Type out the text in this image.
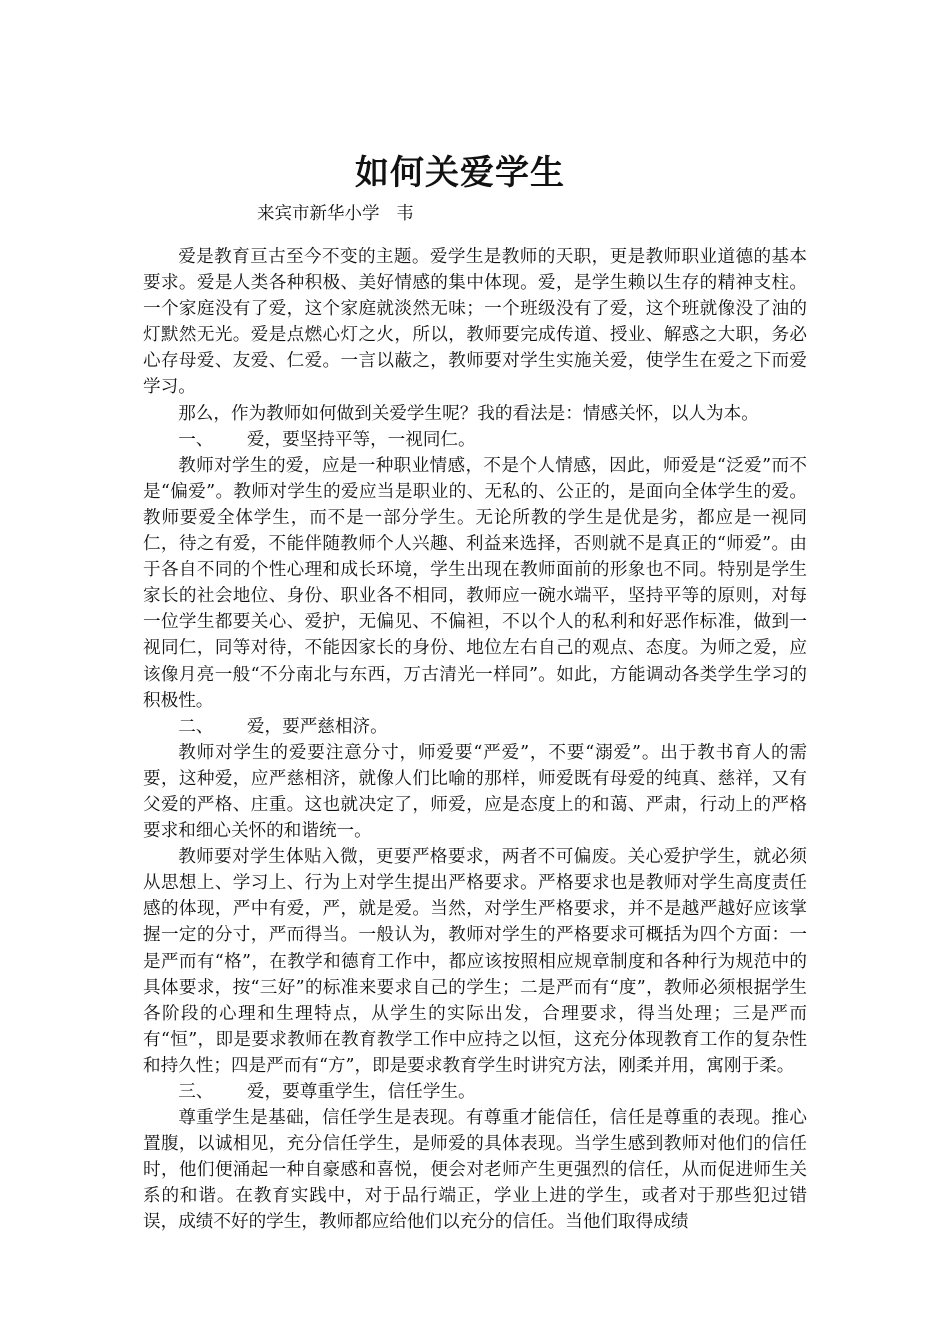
如何关爱学生
来宾市新华小学   韦

爱是教育亘古至今不变的主题。爱学生是教师的天职，更是教师职业道德的基本要求。爱是人类各种积极、美好情感的集中体现。爱，是学生赖以生存的精神支柱。一个家庭没有了爱，这个家庭就淡然无味；一个班级没有了爱，这个班就像没了油的灯默然无光。爱是点燃心灯之火，所以，教师要完成传道、授业、解惑之大职，务必心存母爱、友爱、仁爱。一言以蔽之，教师要对学生实施关爱，使学生在爱之下而爱学习。

那么，作为教师如何做到关爱学生呢？我的看法是：情感关怀，以人为本。

一、      爱，要坚持平等，一视同仁。

教师对学生的爱，应是一种职业情感，不是个人情感，因此，师爱是“泛爱”而不是“偏爱”。教师对学生的爱应当是职业的、无私的、公正的，是面向全体学生的爱。教师要爱全体学生，而不是一部分学生。无论所教的学生是优是劣，都应是一视同仁，待之有爱，不能伴随教师个人兴趣、利益来选择，否则就不是真正的“师爱”。由于各自不同的个性心理和成长环境，学生出现在教师面前的形象也不同。特别是学生家长的社会地位、身份、职业各不相同，教师应一碗水端平，坚持平等的原则，对每一位学生都要关心、爱护，无偏见、不偏袒，不以个人的私利和好恶作标准，做到一视同仁，同等对待，不能因家长的身份、地位左右自己的观点、态度。为师之爱，应该像月亮一般“不分南北与东西，万古清光一样同”。如此，方能调动各类学生学习的积极性。

二、      爱，要严慈相济。

教师对学生的爱要注意分寸，师爱要“严爱”，不要“溺爱”。出于教书育人的需要，这种爱，应严慈相济，就像人们比喻的那样，师爱既有母爱的纯真、慈祥，又有父爱的严格、庄重。这也就决定了，师爱，应是态度上的和蔼、严肃，行动上的严格要求和细心关怀的和谐统一。

教师要对学生体贴入微，更要严格要求，两者不可偏废。关心爱护学生，就必须从思想上、学习上、行为上对学生提出严格要求。严格要求也是教师对学生高度责任感的体现，严中有爱，严，就是爱。当然，对学生严格要求，并不是越严越好应该掌握一定的分寸，严而得当。一般认为，教师对学生的严格要求可概括为四个方面：一是严而有“格”，在教学和德育工作中，都应该按照相应规章制度和各种行为规范中的具体要求，按“三好”的标准来要求自己的学生；二是严而有“度”，教师必须根据学生各阶段的心理和生理特点，从学生的实际出发，合理要求，得当处理；三是严而有“恒”，即是要求教师在教育教学工作中应持之以恒，这充分体现教育工作的复杂性和持久性；四是严而有“方”，即是要求教育学生时讲究方法，刚柔并用，寓刚于柔。

三、      爱，要尊重学生，信任学生。

尊重学生是基础，信任学生是表现。有尊重才能信任，信任是尊重的表现。推心置腹，以诚相见，充分信任学生，是师爱的具体表现。当学生感到教师对他们的信任时，他们便涌起一种自豪感和喜悦，便会对老师产生更强烈的信任，从而促进师生关系的和谐。在教育实践中，对于品行端正，学业上进的学生，或者对于那些犯过错误，成绩不好的学生，教师都应给他们以充分的信任。当他们取得成绩
